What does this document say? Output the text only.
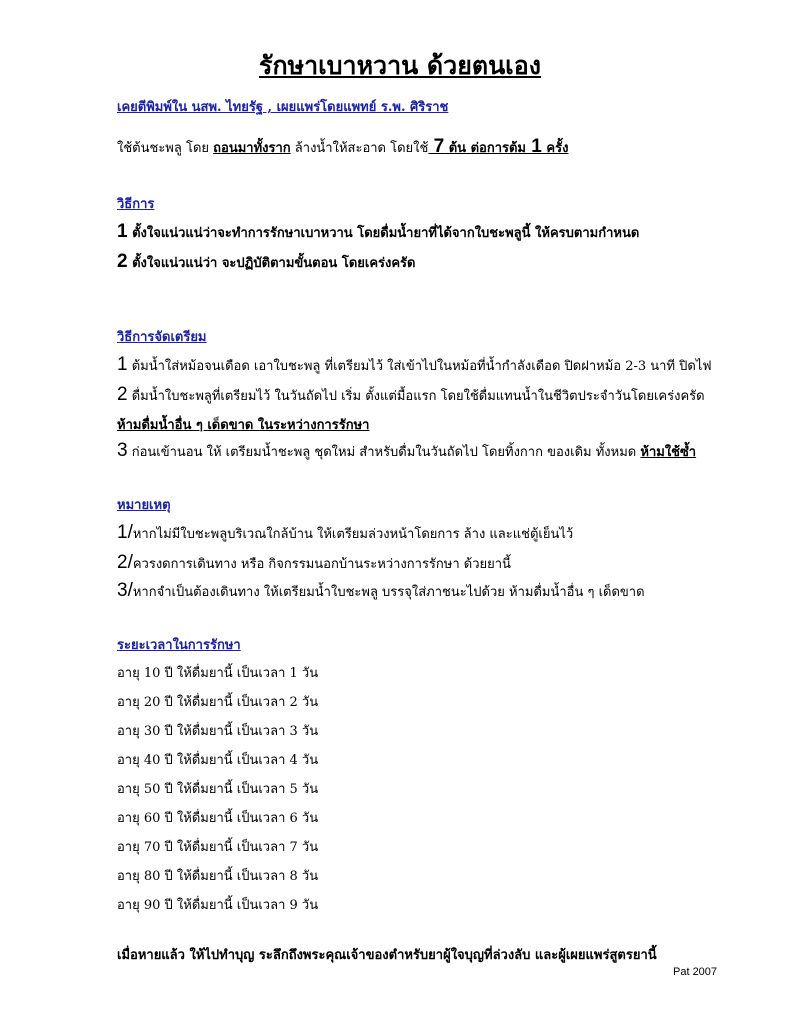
รักษาเบาหวาน ด้วยตนเอง
เคยตีพิมพ์ใน นสพ. ไทยรัฐ , เผยแพร่โดยแพทย์ ร.พ. ศิริราช
ใช้ต้นชะพลู โดย ถอนมาทั้งราก ล้างน้ำให้สะอาด โดยใช้ 7 ต้น ต่อการต้ม 1 ครั้ง
วิธีการ
1 ตั้งใจแน่วแน่ว่าจะทำการรักษาเบาหวาน โดยดื่มน้ำยาที่ได้จากใบชะพลูนี้ ให้ครบตามกำหนด
2 ตั้งใจแน่วแน่ว่า จะปฏิบัติตามขั้นตอน โดยเคร่งครัด
วิธีการจัดเตรียม
1 ต้มน้ำใส่หม้อจนเดือด เอาใบชะพลู ที่เตรียมไว้ ใส่เข้าไปในหม้อที่น้ำกำลังเดือด ปิดฝาหม้อ 2-3 นาที ปิดไฟ
2 ดื่มน้ำใบชะพลูที่เตรียมไว้ ในวันถัดไป เริ่ม ตั้งแต่มื้อแรก โดยใช้ดื่มแทนน้ำในชีวิตประจำวันโดยเคร่งครัด
ห้ามดื่มน้ำอื่น ๆ เด็ดขาด ในระหว่างการรักษา
3 ก่อนเข้านอน ให้ เตรียมน้ำชะพลู ชุดใหม่ สำหรับดื่มในวันถัดไป โดยทิ้งกาก ของเดิม ทั้งหมด ห้ามใช้ซ้ำ
หมายเหตุ
1/หากไม่มีใบชะพลูบริเวณใกล้บ้าน ให้เตรียมล่วงหน้าโดยการ ล้าง และแช่ตู้เย็นไว้
2/ควรงดการเดินทาง หรือ กิจกรรมนอกบ้านระหว่างการรักษา ด้วยยานี้
3/หากจำเป็นต้องเดินทาง ให้เตรียมน้ำใบชะพลู บรรจุใส่ภาชนะไปด้วย ห้ามดื่มน้ำอื่น ๆ เด็ดขาด
ระยะเวลาในการรักษา
อายุ 10 ปี ให้ดื่มยานี้ เป็นเวลา 1 วัน
อายุ 20 ปี ให้ดื่มยานี้ เป็นเวลา 2 วัน
อายุ 30 ปี ให้ดื่มยานี้ เป็นเวลา 3 วัน
อายุ 40 ปี ให้ดื่มยานี้ เป็นเวลา 4 วัน
อายุ 50 ปี ให้ดื่มยานี้ เป็นเวลา 5 วัน
อายุ 60 ปี ให้ดื่มยานี้ เป็นเวลา 6 วัน
อายุ 70 ปี ให้ดื่มยานี้ เป็นเวลา 7 วัน
อายุ 80 ปี ให้ดื่มยานี้ เป็นเวลา 8 วัน
อายุ 90 ปี ให้ดื่มยานี้ เป็นเวลา 9 วัน
เมื่อหายแล้ว ให้ไปทำบุญ ระลึกถึงพระคุณเจ้าของตำหรับยาผู้ใจบุญที่ล่วงลับ และผู้เผยแพร่สูตรยานี้
Pat 2007
